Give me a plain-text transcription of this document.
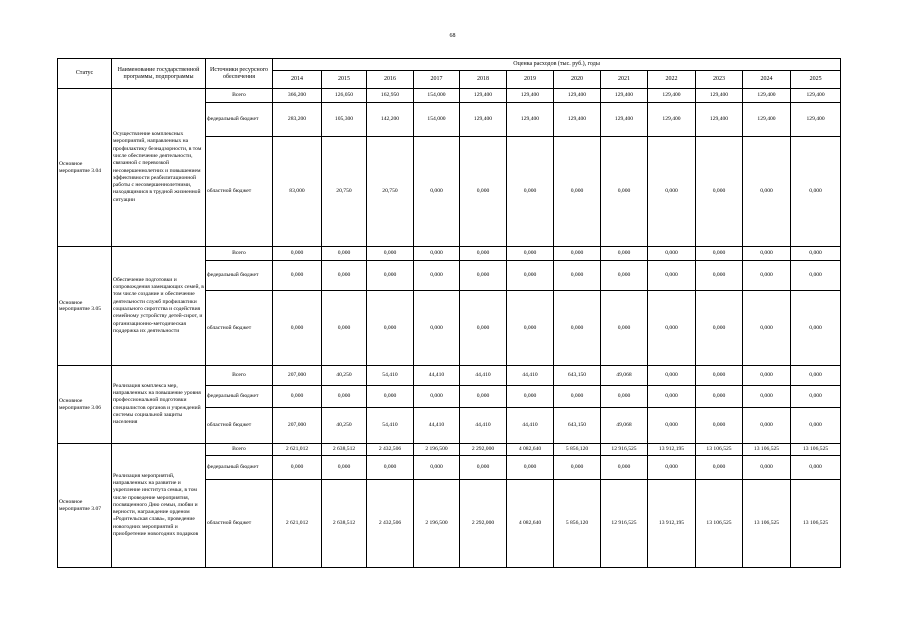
68
Статус	Наименование государственной программы, подпрограммы	Источники ресурсного обеспечения	Оценка расходов (тыс. руб.), годы											
			2014	2015	2016	2017	2018	2019	2020	2021	2022	2023	2024	2025
Основное мероприятие 3.04	Осуществление комплексных мероприятий, направленных на профилактику безнадзорности, в том числе обеспечение деятельности, связанной с перевозкой несовершеннолетних и повышением эффективности реабилитационной работы с несовершеннолетними, находящимися в трудной жизненной ситуации	Всего	366,200	126,050	162,950	154,000	129,400	129,400	129,400	129,400	129,400	129,400	129,400	129,400
		федеральный бюджет	283,200	105,300	142,200	154,000	129,400	129,400	129,400	129,400	129,400	129,400	129,400	129,400
		областной бюджет	83,000	20,750	20,750	0,000	0,000	0,000	0,000	0,000	0,000	0,000	0,000	0,000
Основное мероприятие 3.05	Обеспечение подготовки и сопровождения замещающих семей, в том числе создание и обеспечение деятельности служб профилактики социального сиротства и содействия семейному устройству детей-сирот, и организационно-методическая поддержка их деятельности	Всего	0,000	0,000	0,000	0,000	0,000	0,000	0,000	0,000	0,000	0,000	0,000	0,000
		федеральный бюджет	0,000	0,000	0,000	0,000	0,000	0,000	0,000	0,000	0,000	0,000	0,000	0,000
		областной бюджет	0,000	0,000	0,000	0,000	0,000	0,000	0,000	0,000	0,000	0,000	0,000	0,000
Основное мероприятие 3.06	Реализация комплекса мер, направленных на повышение уровня профессиональной подготовки специалистов органов и учреждений системы социальной защиты населения	Всего	207,000	40,250	54,410	44,410	44,410	44,410	643,150	49,068	0,000	0,000	0,000	0,000
		федеральный бюджет	0,000	0,000	0,000	0,000	0,000	0,000	0,000	0,000	0,000	0,000	0,000	0,000
		областной бюджет	207,000	40,250	54,410	44,410	44,410	44,410	643,150	49,068	0,000	0,000	0,000	0,000
Основное мероприятие 3.07	Реализация мероприятий, направленных на развитие и укрепление института семьи, в том числе проведение мероприятия, посвященного Дню семьи, любви и верности, награждение орденом «Родительская слава», проведение новогодних мероприятий и приобретение новогодних подарков	Всего	2 621,012	2 638,512	2 432,506	2 196,500	2 292,000	4 082,640	5 856,120	12 916,525	13 912,195	13 106,525	13 106,525	13 106,525
		федеральный бюджет	0,000	0,000	0,000	0,000	0,000	0,000	0,000	0,000	0,000	0,000	0,000	0,000
		областной бюджет	2 621,012	2 638,512	2 432,506	2 196,500	2 292,000	4 082,640	5 856,120	12 916,525	13 912,195	13 106,525	13 106,525	13 106,525
